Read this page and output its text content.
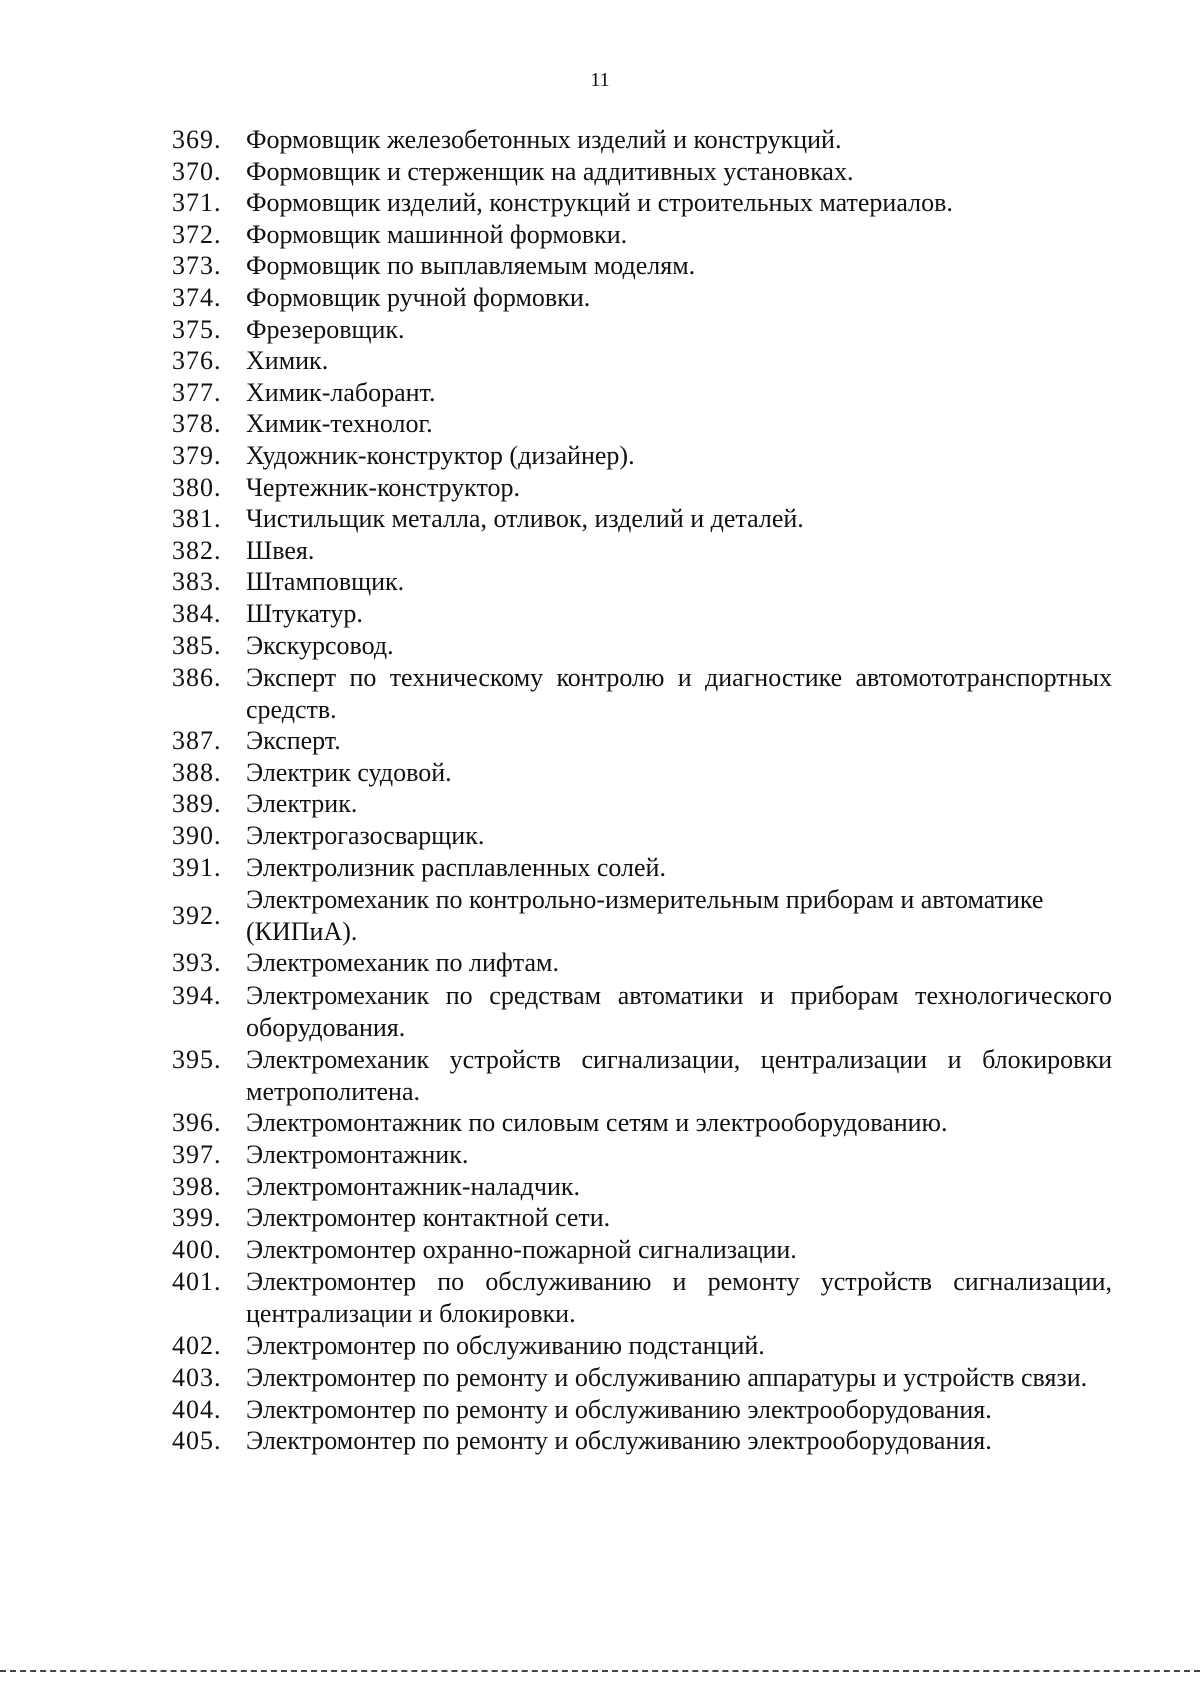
11
369. Формовщик железобетонных изделий и конструкций.
370. Формовщик и стерженщик на аддитивных установках.
371. Формовщик изделий, конструкций и строительных материалов.
372. Формовщик машинной формовки.
373. Формовщик по выплавляемым моделям.
374. Формовщик ручной формовки.
375. Фрезеровщик.
376. Химик.
377. Химик-лаборант.
378. Химик-технолог.
379. Художник-конструктор (дизайнер).
380. Чертежник-конструктор.
381. Чистильщик металла, отливок, изделий и деталей.
382. Швея.
383. Штамповщик.
384. Штукатур.
385. Экскурсовод.
386. Эксперт по техническому контролю и диагностике автомототранспортных средств.
387. Эксперт.
388. Электрик судовой.
389. Электрик.
390. Электрогазосварщик.
391. Электролизник расплавленных солей.
392.
Электромеханик по контрольно-измерительным приборам и автоматике (КИПиА).
393. Электромеханик по лифтам.
394. Электромеханик по средствам автоматики и приборам технологического оборудования.
395. Электромеханик устройств сигнализации, централизации и блокировки метрополитена.
396. Электромонтажник по силовым сетям и электрооборудованию.
397. Электромонтажник.
398. Электромонтажник-наладчик.
399. Электромонтер контактной сети.
400. Электромонтер охранно-пожарной сигнализации.
401. Электромонтер по обслуживанию и ремонту устройств сигнализации, централизации и блокировки.
402. Электромонтер по обслуживанию подстанций.
403. Электромонтер по ремонту и обслуживанию аппаратуры и устройств связи.
404. Электромонтер по ремонту и обслуживанию электрооборудования.
405. Электромонтер по ремонту и обслуживанию электрооборудования.
